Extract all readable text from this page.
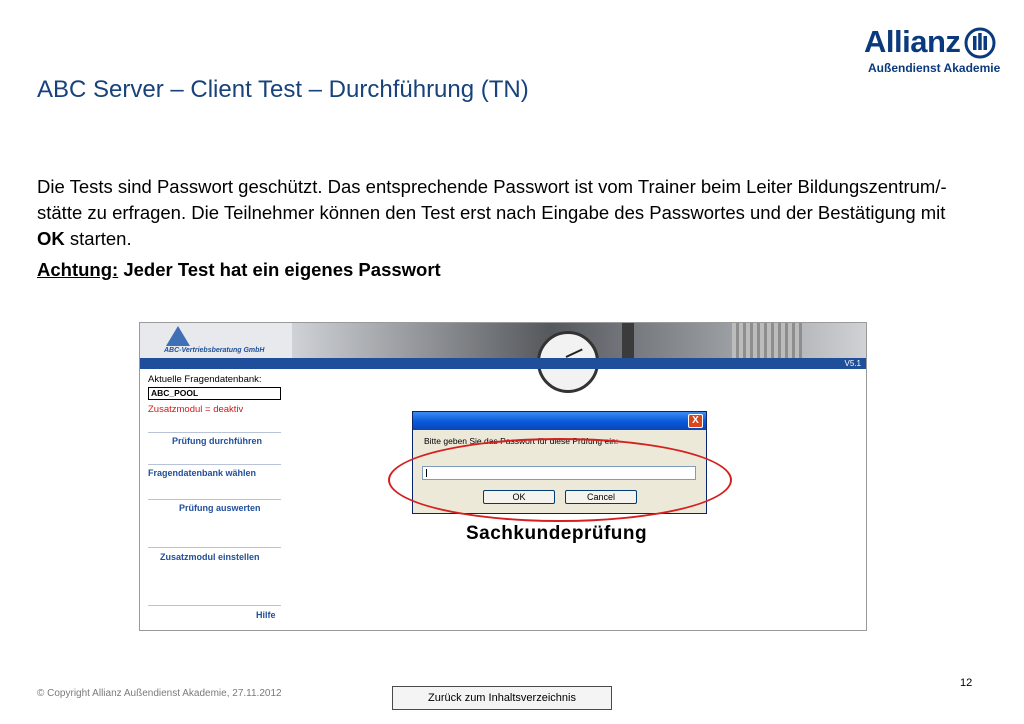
Allianz
Außendienst Akademie
ABC Server – Client Test – Durchführung (TN)
Die Tests sind Passwort geschützt. Das entsprechende Passwort ist vom Trainer beim Leiter Bildungszentrum/-stätte zu erfragen. Die Teilnehmer können den Test erst nach Eingabe des Passwortes und der Bestätigung mit OK starten.
Achtung: Jeder Test hat ein eigenes Passwort
ABC-Vertriebsberatung GmbH
V5.1
Aktuelle Fragendatenbank:
ABC_POOL
Zusatzmodul = deaktiv
Prüfung durchführen
Fragendatenbank wählen
Prüfung auswerten
Zusatzmodul einstellen
Hilfe
X
Bitte geben Sie das Passwort für diese Prüfung ein:
OK	Cancel
Sachkundeprüfung
© Copyright Allianz Außendienst Akademie, 27.11.2012
12
Zurück zum Inhaltsverzeichnis
